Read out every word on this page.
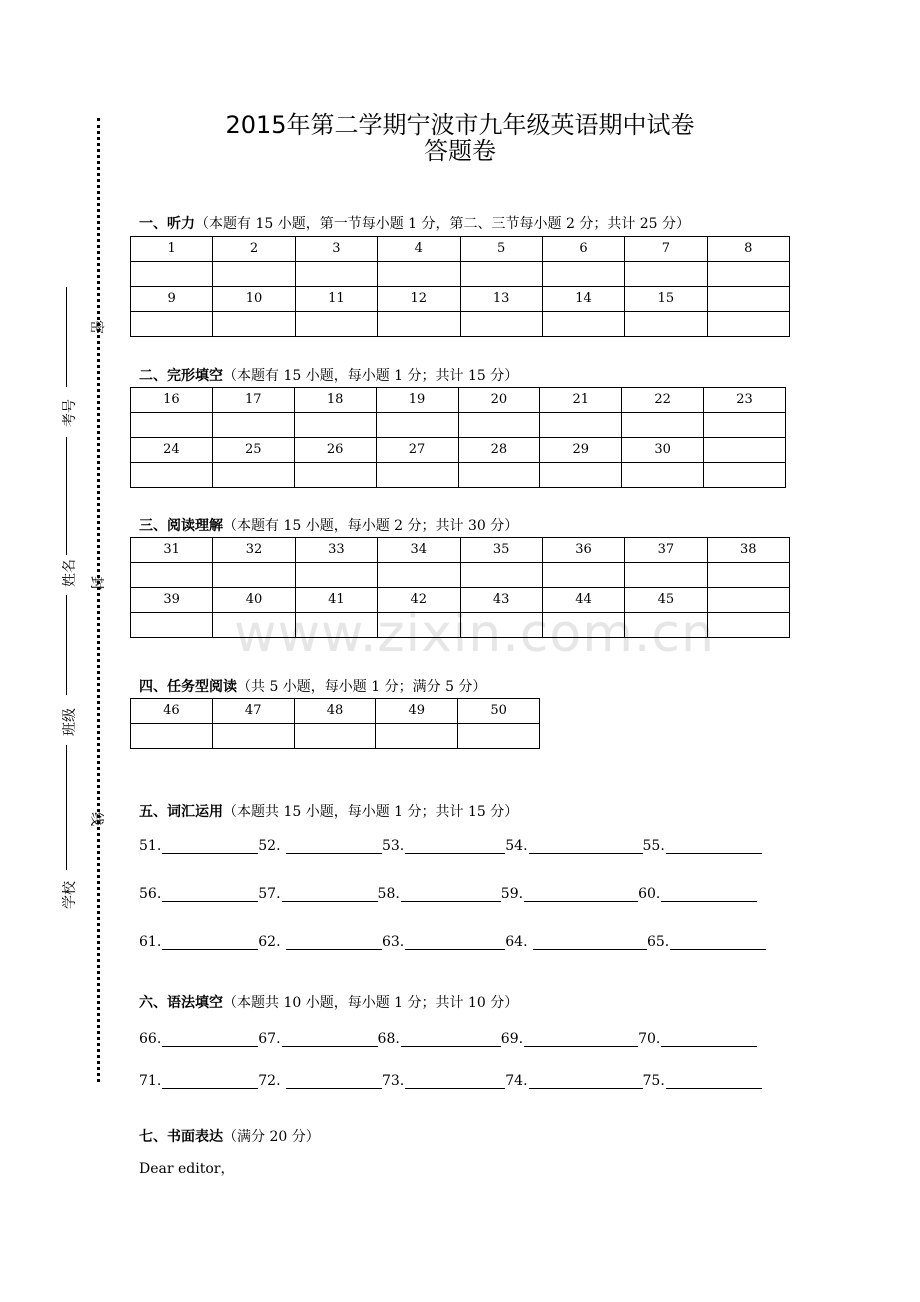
2015年第二学期宁波市九年级英语期中试卷
答题卷
www.zixin.com.cn
密
封
线
考号
姓名
班级
学校
一、听力（本题有 15 小题，第一节每小题 1 分，第二、三节每小题 2 分；共计 25 分）
1	2	3	4	5	6	7	8

9	10	11	12	13	14	15	

二、完形填空（本题有 15 小题，每小题 1 分；共计 15 分）
16	17	18	19	20	21	22	23

24	25	26	27	28	29	30	

三、阅读理解（本题有 15 小题，每小题 2 分；共计 30 分）
31	32	33	34	35	36	37	38

39	40	41	42	43	44	45	

四、任务型阅读（共 5 小题，每小题 1 分；满分 5 分）
46	47	48	49	50

五、词汇运用（本题共 15 小题，每小题 1 分；共计 15 分）
51.	52.	53.	54.	55.
56.	57.	58.	59.	60.
61.	62.	63.	64.	65.
六、语法填空（本题共 10 小题，每小题 1 分；共计 10 分）
66.	67.	68.	69.	70.
71.	72.	73.	74.	75.
七、书面表达（满分 20 分）
Dear editor，
